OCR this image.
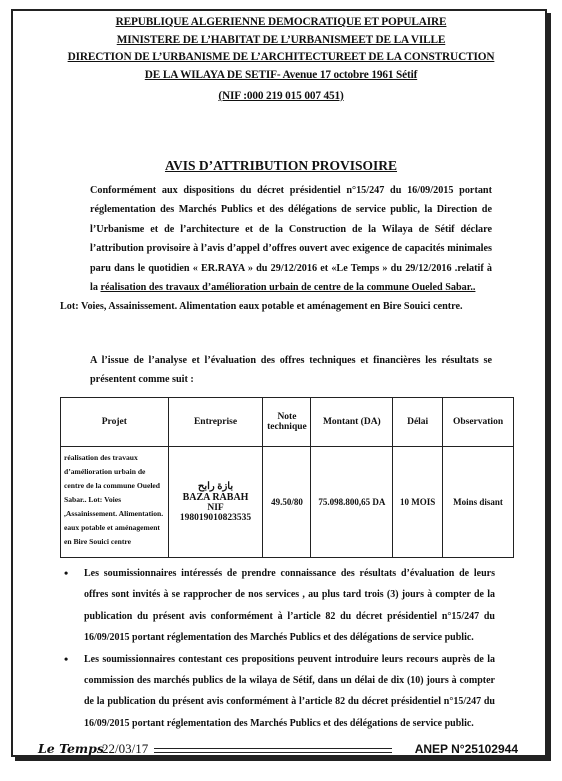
REPUBLIQUE ALGERIENNE DEMOCRATIQUE ET POPULAIRE
MINISTERE DE L’HABITAT DE L’URBANISMEET DE LA VILLE
DIRECTION DE L’URBANISME DE L’ARCHITECTUREET DE LA CONSTRUCTION
DE LA WILAYA DE SETIF- Avenue 17 octobre 1961 Sétif
(NIF :000 219 015 007 451)
AVIS D’ATTRIBUTION PROVISOIRE
Conformément aux dispositions du décret présidentiel n°15/247 du 16/09/2015 portant réglementation des Marchés Publics et des délégations de service public, la Direction de l’Urbanisme et de l’architecture et de la Construction de la Wilaya de Sétif déclare l’attribution provisoire à l’avis d’appel d’offres ouvert avec exigence de capacités minimales paru dans le quotidien « ER.RAYA » du 29/12/2016 et «Le Temps » du 29/12/2016 .relatif à la réalisation des travaux d’amélioration urbain de centre de la commune Oueled Sabar..
Lot: Voies, Assainissement. Alimentation eaux potable et aménagement en Bire Souici centre.
A l’issue de l’analyse et l’évaluation des offres techniques et financières les résultats se présentent comme suit :
Projet	Entreprise	Note technique	Montant (DA)	Délai	Observation
réalisation des travaux d’amélioration urbain de centre de la commune Oueled Sabar.. Lot: Voies ,Assainissement. Alimentation. eaux potable et aménagement en Bire Souici centre	بازة رابح
BAZA RABAH
NIF 198019010823535	49.50/80	75.098.800,65 DA	10 MOIS	Moins disant
• Les soumissionnaires intéressés de prendre connaissance des résultats d’évaluation de leurs offres sont invités à se rapprocher de nos services , au plus tard trois (3) jours à compter de la publication du présent avis conformément à l’article 82 du décret présidentiel n°15/247 du 16/09/2015 portant réglementation des Marchés Publics et des délégations de service public.
• Les soumissionnaires contestant ces propositions peuvent introduire leurs recours auprès de la commission des marchés publics de la wilaya de Sétif, dans un délai de dix (10) jours à compter de la publication du présent avis conformément à l’article 82 du décret présidentiel n°15/247 du 16/09/2015 portant réglementation des Marchés Publics et des délégations de service public.
Le Temps
22/03/17	ANEP N°25102944
